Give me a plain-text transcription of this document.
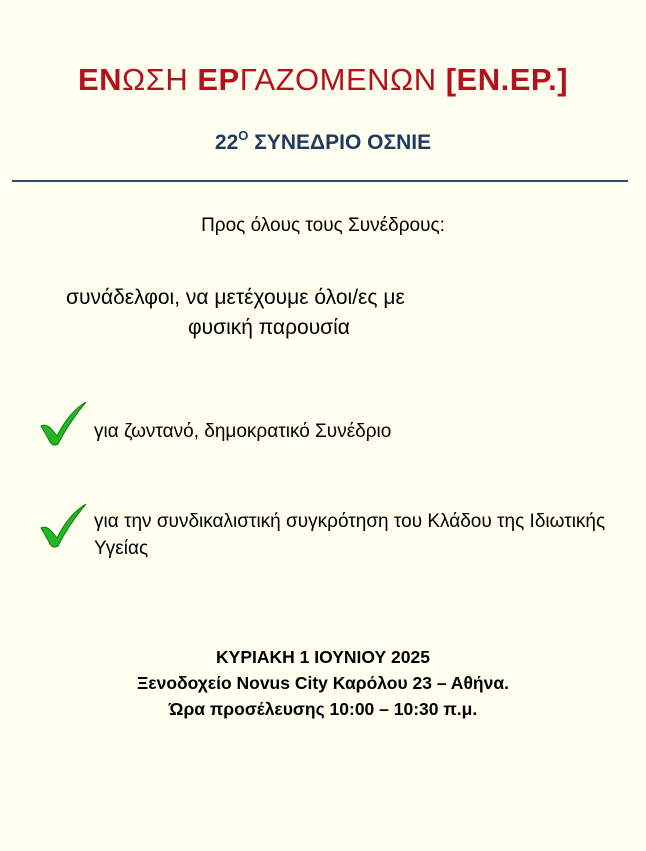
ΕΝΩΣΗ ΕΡΓΑΖΟΜΕΝΩΝ [ΕΝ.ΕΡ.]
$22^O$ ΣΥΝΕΔΡΙΟ ΟΣΝΙΕ
Προς όλους τους Συνέδρους:
συνάδελφοι, να μετέχουμε όλοι/ες με
φυσική παρουσία
για ζωντανό, δημοκρατικό Συνέδριο
για την συνδικαλιστική συγκρότηση του Κλάδου της Ιδιωτικής Υγείας
ΚΥΡΙΑΚΗ 1 ΙΟΥΝΙΟΥ 2025
Ξενοδοχείο Novus City Καρόλου 23 – Αθήνα.
Ώρα προσέλευσης 10:00 – 10:30 π.μ.
